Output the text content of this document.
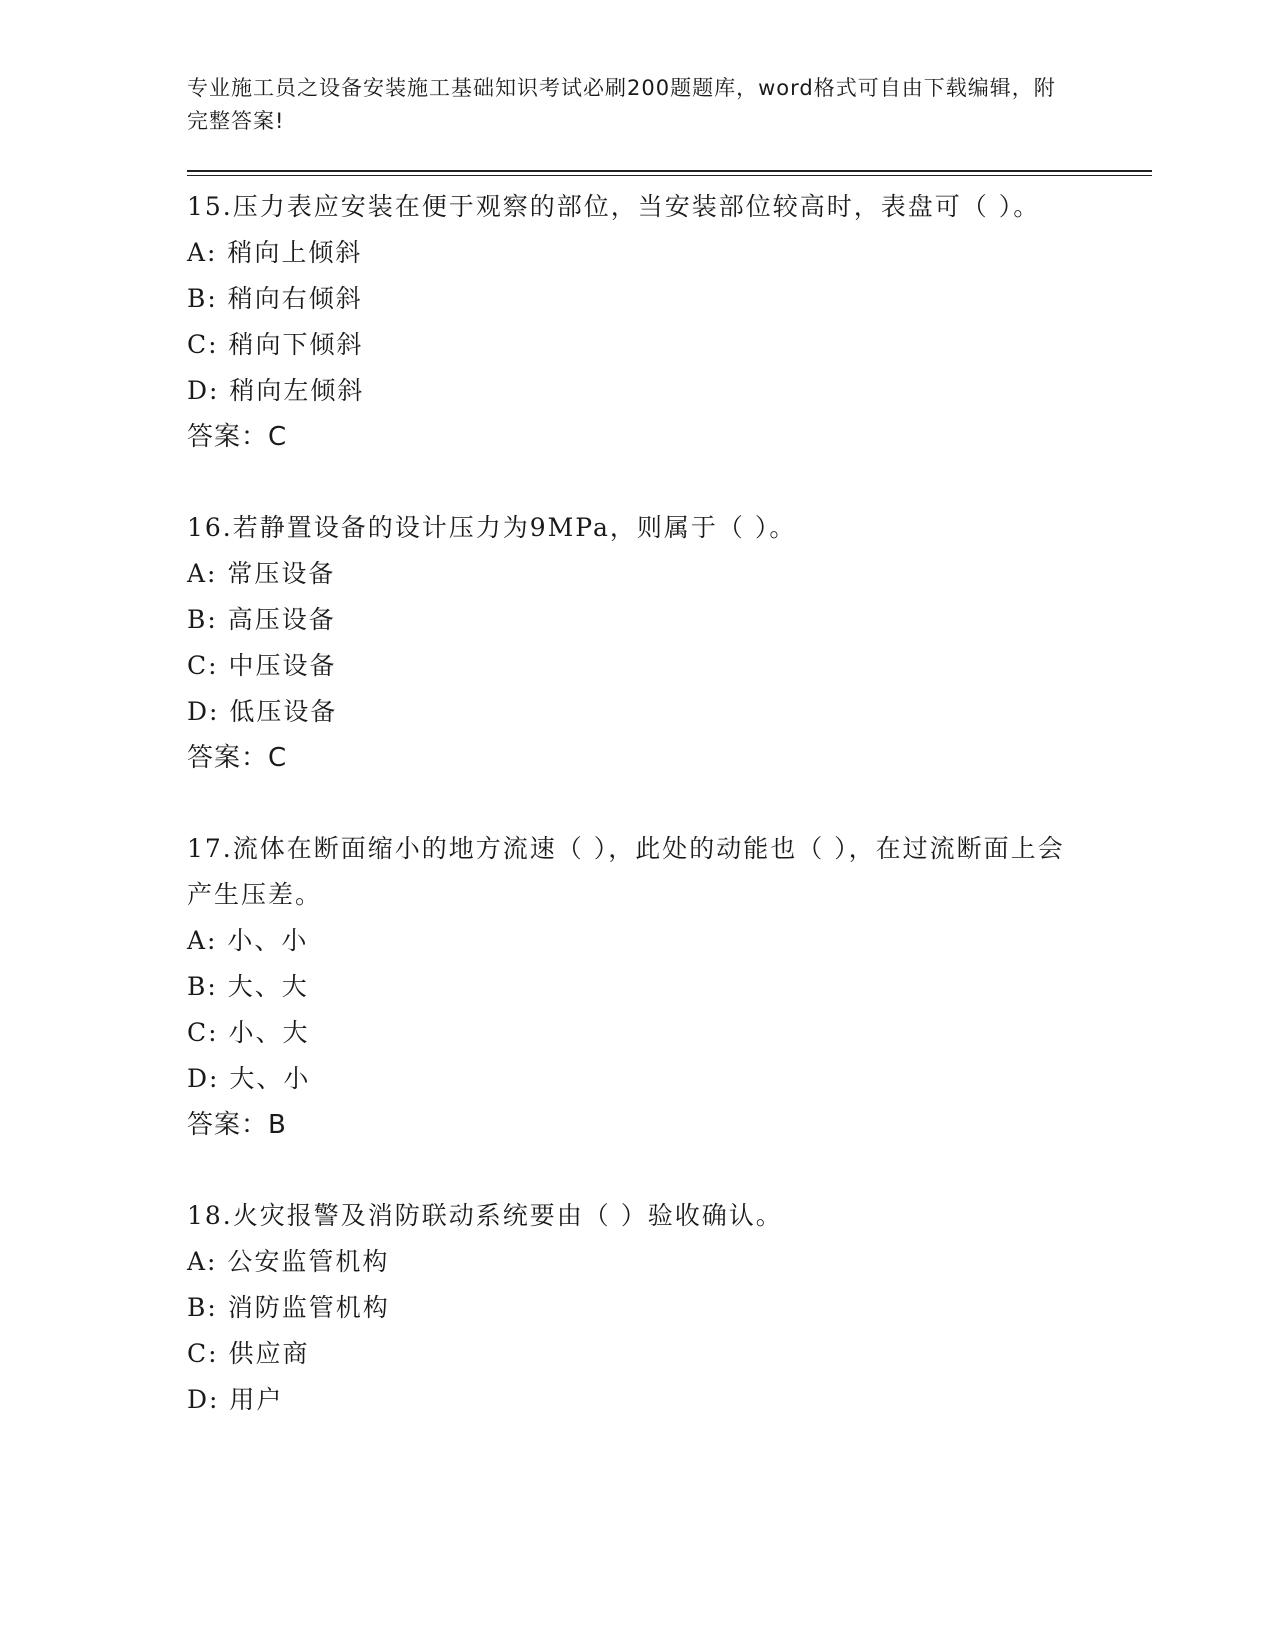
专业施工员之设备安装施工基础知识考试必刷200题题库，word格式可自由下载编辑，附完整答案!
15.压力表应安装在便于观察的部位，当安装部位较高时，表盘可（ ）。
A: 稍向上倾斜
B: 稍向右倾斜
C: 稍向下倾斜
D: 稍向左倾斜
答案：C
16.若静置设备的设计压力为9MPa，则属于（ ）。
A: 常压设备
B: 高压设备
C: 中压设备
D: 低压设备
答案：C
17.流体在断面缩小的地方流速（ ），此处的动能也（ ），在过流断面上会产生压差。
A: 小、小
B: 大、大
C: 小、大
D: 大、小
答案：B
18.火灾报警及消防联动系统要由（ ）验收确认。
A: 公安监管机构
B: 消防监管机构
C: 供应商
D: 用户
